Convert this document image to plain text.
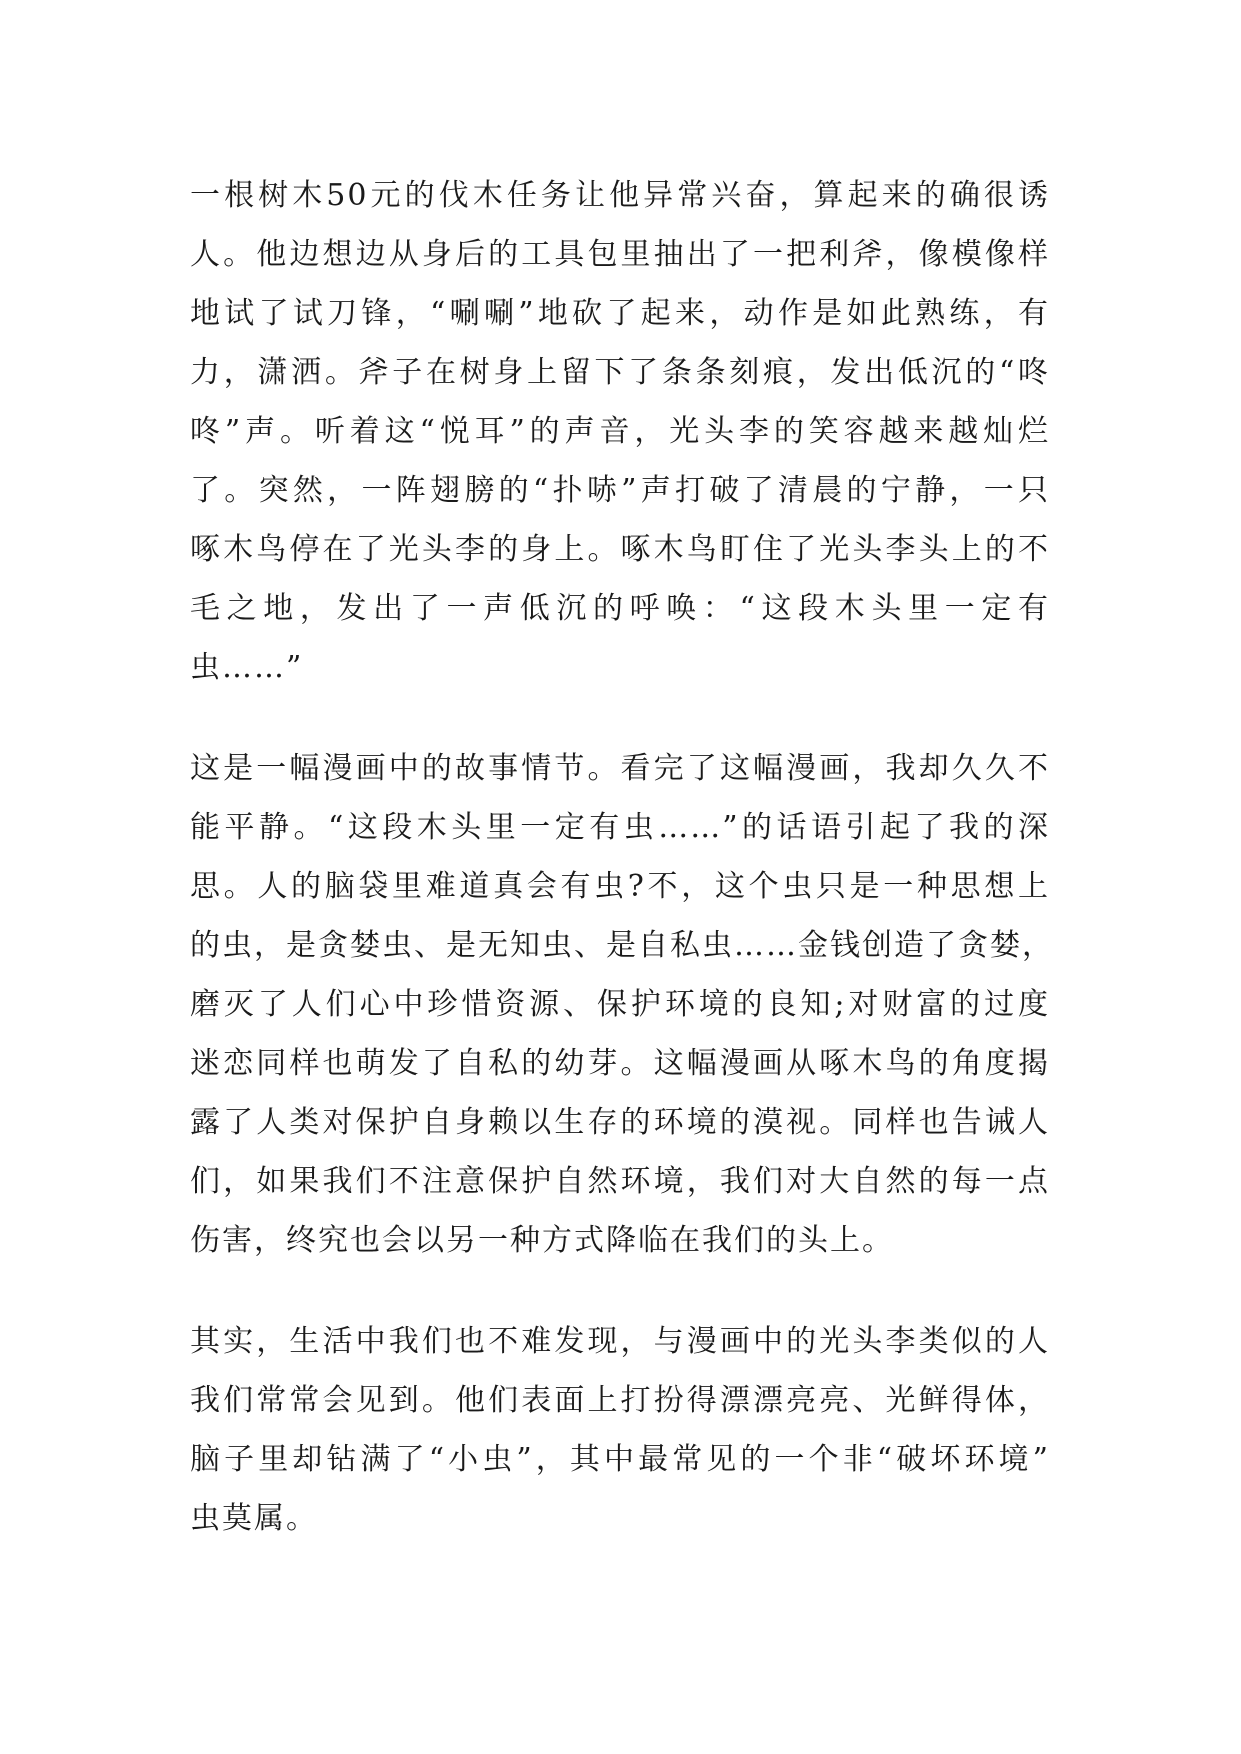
一根树木50元的伐木任务让他异常兴奋，算起来的确很诱
人。他边想边从身后的工具包里抽出了一把利斧，像模像样
地试了试刀锋，“唰唰”地砍了起来，动作是如此熟练，有
力，潇洒。斧子在树身上留下了条条刻痕，发出低沉的“咚
咚”声。听着这“悦耳”的声音，光头李的笑容越来越灿烂
了。突然，一阵翅膀的“扑哧”声打破了清晨的宁静，一只
啄木鸟停在了光头李的身上。啄木鸟盯住了光头李头上的不
毛之地，发出了一声低沉的呼唤：“这段木头里一定有
虫……”
这是一幅漫画中的故事情节。看完了这幅漫画，我却久久不
能平静。“这段木头里一定有虫……”的话语引起了我的深
思。人的脑袋里难道真会有虫?不，这个虫只是一种思想上
的虫，是贪婪虫、是无知虫、是自私虫……金钱创造了贪婪，
磨灭了人们心中珍惜资源、保护环境的良知;对财富的过度
迷恋同样也萌发了自私的幼芽。这幅漫画从啄木鸟的角度揭
露了人类对保护自身赖以生存的环境的漠视。同样也告诫人
们，如果我们不注意保护自然环境，我们对大自然的每一点
伤害，终究也会以另一种方式降临在我们的头上。
其实，生活中我们也不难发现，与漫画中的光头李类似的人
我们常常会见到。他们表面上打扮得漂漂亮亮、光鲜得体，
脑子里却钻满了“小虫”，其中最常见的一个非“破坏环境”
虫莫属。
